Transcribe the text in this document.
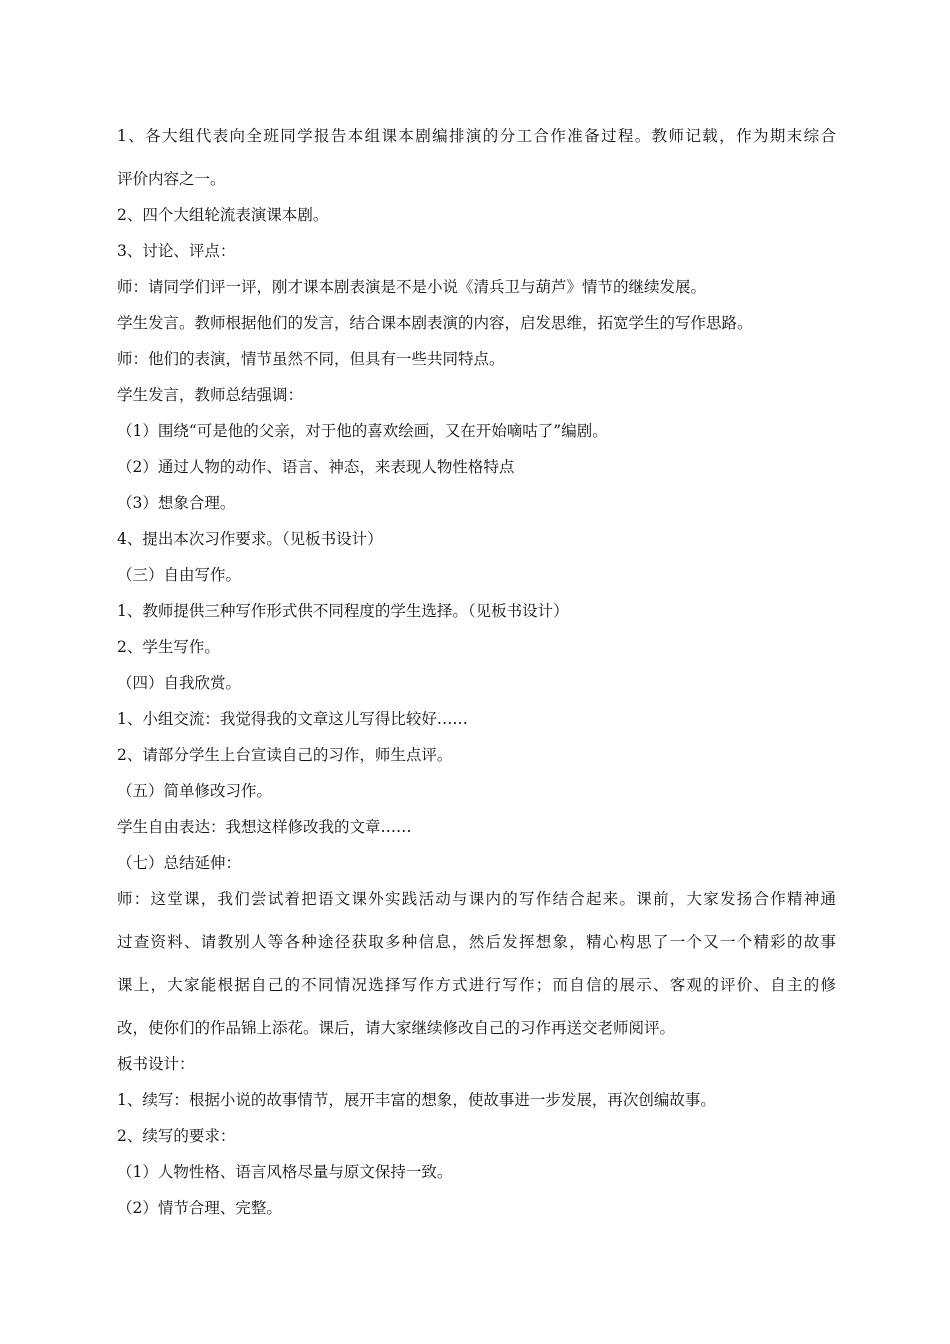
1、各大组代表向全班同学报告本组课本剧编排演的分工合作准备过程。教师记载，作为期末综合
评价内容之一。
2、四个大组轮流表演课本剧。
3、讨论、评点：
师：请同学们评一评，刚才课本剧表演是不是小说《清兵卫与葫芦》情节的继续发展。
学生发言。教师根据他们的发言，结合课本剧表演的内容，启发思维，拓宽学生的写作思路。
师：他们的表演，情节虽然不同，但具有一些共同特点。
学生发言，教师总结强调：
（1）围绕“可是他的父亲，对于他的喜欢绘画，又在开始嘀咕了”编剧。
（2）通过人物的动作、语言、神态，来表现人物性格特点
（3）想象合理。
4、提出本次习作要求。（见板书设计）
（三）自由写作。
1、教师提供三种写作形式供不同程度的学生选择。（见板书设计）
2、学生写作。
（四）自我欣赏。
1、小组交流：我觉得我的文章这儿写得比较好……
2、请部分学生上台宣读自己的习作，师生点评。
（五）简单修改习作。
学生自由表达：我想这样修改我的文章……
（七）总结延伸：
师：这堂课，我们尝试着把语文课外实践活动与课内的写作结合起来。课前，大家发扬合作精神通
过查资料、请教别人等各种途径获取多种信息，然后发挥想象，精心构思了一个又一个精彩的故事
课上，大家能根据自己的不同情况选择写作方式进行写作；而自信的展示、客观的评价、自主的修
改，使你们的作品锦上添花。课后，请大家继续修改自己的习作再送交老师阅评。
板书设计：
1、续写：根据小说的故事情节，展开丰富的想象，使故事进一步发展，再次创编故事。
2、续写的要求：
（1）人物性格、语言风格尽量与原文保持一致。
（2）情节合理、完整。
